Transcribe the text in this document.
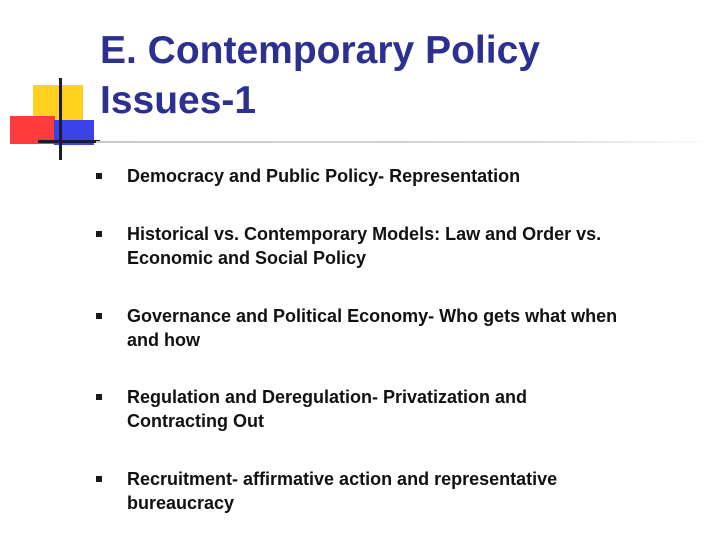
E. Contemporary Policy
Issues-1
Democracy and Public Policy- Representation
Historical vs. Contemporary Models: Law and Order vs.
Economic and Social Policy
Governance and Political Economy- Who gets what when
and how
Regulation and Deregulation- Privatization and
Contracting Out
Recruitment- affirmative action and representative
bureaucracy
